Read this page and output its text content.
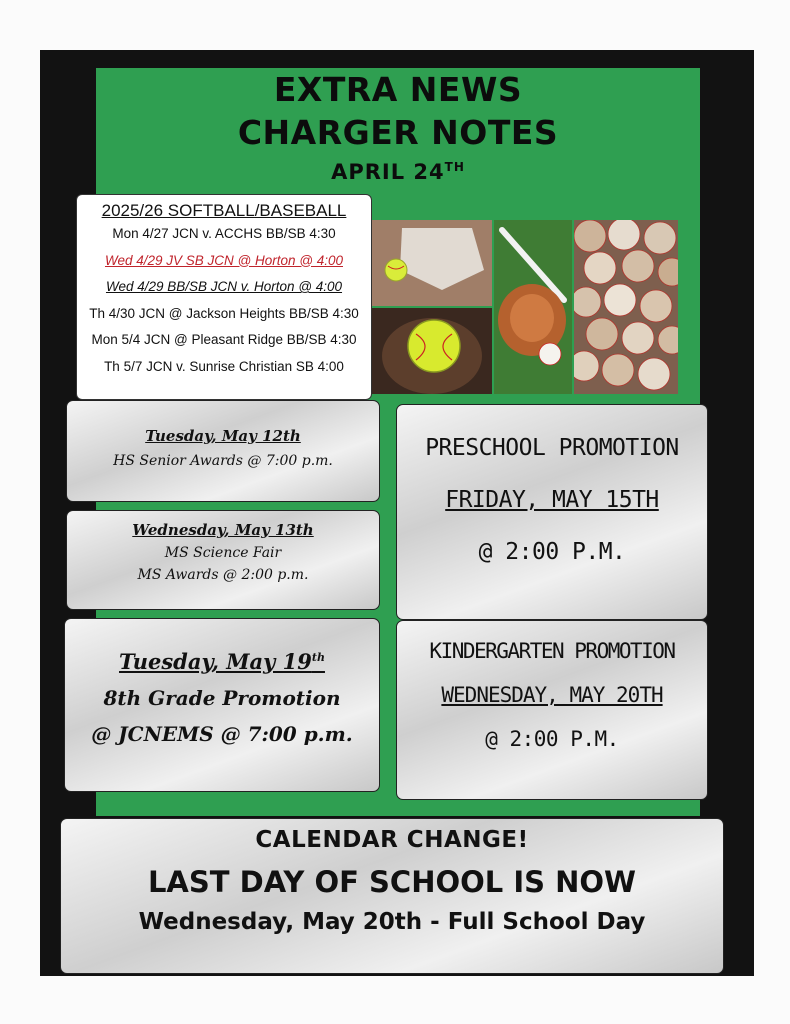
EXTRA NEWS
CHARGER NOTES
APRIL 24TH
2025/26 SOFTBALL/BASEBALL
Mon 4/27 JCN v. ACCHS BB/SB 4:30
Wed 4/29 JV SB JCN @ Horton @ 4:00
Wed 4/29 BB/SB JCN v. Horton @ 4:00
Th 4/30 JCN @ Jackson Heights BB/SB 4:30
Mon 5/4 JCN @ Pleasant Ridge BB/SB 4:30
Th 5/7 JCN v. Sunrise Christian SB 4:00
Tuesday, May 12th
HS Senior Awards @ 7:00 p.m.
Wednesday, May 13th
MS Science Fair
MS Awards @ 2:00 p.m.
Tuesday, May 19th
8th Grade Promotion
@ JCNEMS @ 7:00 p.m.
PRESCHOOL PROMOTION
FRIDAY, MAY 15TH
@ 2:00 P.M.
KINDERGARTEN PROMOTION
WEDNESDAY, MAY 20TH
@ 2:00 P.M.
CALENDAR CHANGE!
LAST DAY OF SCHOOL IS NOW
Wednesday, May 20th - Full School Day
